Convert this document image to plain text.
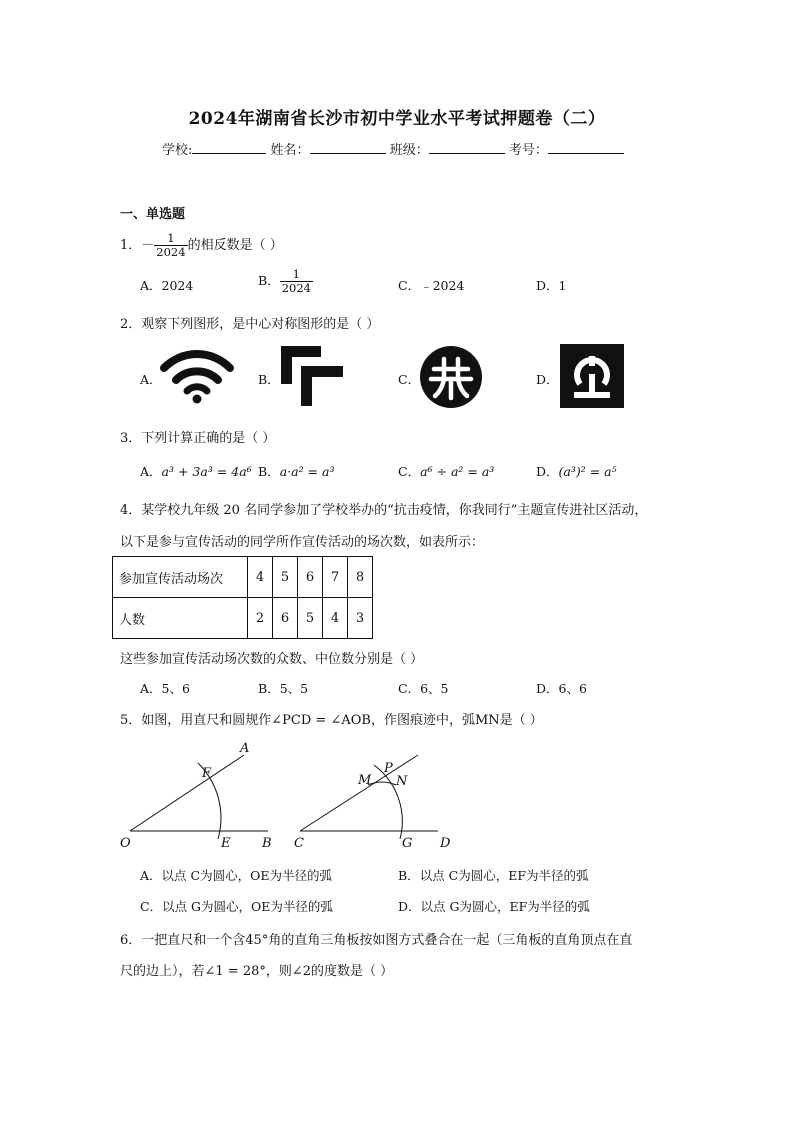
2024年湖南省长沙市初中学业水平考试押题卷（二）
学校:	姓名：	班级：	考号：
一、单选题
1．－ $\frac{1}{2024}$ 的相反数是（ ）
A．2024	B． $\frac{1}{2024}$	C．﹣2024	D．1
2．观察下列图形，是中心对称图形的是（ ）
A．	B．	C．	D．
3．下列计算正确的是（ ）
A．a³ + 3a³ = 4a⁶ B．a·a² = a³	C．a⁶ ÷ a² = a³	D．(a³)² = a⁵
4．某学校九年级 20 名同学参加了学校举办的“抗击疫情，你我同行”主题宣传进社区活动，
以下是参与宣传活动的同学所作宣传活动的场次数，如表所示：
参加宣传活动场次	4	5	6	7	8
人数	2	6	5	4	3
这些参加宣传活动场次数的众数、中位数分别是（ ）
A．5、6	B．5、5	C．6、5	D．6、6
5．如图，用直尺和圆规作∠PCD = ∠AOB，作图痕迹中，弧MN是（ ）
A
F
O	E B
P
M N
C	G D
A．以点 C为圆心，OE为半径的弧	B．以点 C为圆心，EF为半径的弧
C．以点 G为圆心，OE为半径的弧	D．以点 G为圆心，EF为半径的弧
6．一把直尺和一个含45°角的直角三角板按如图方式叠合在一起（三角板的直角顶点在直
尺的边上），若∠1 = 28°，则∠2的度数是（ ）
